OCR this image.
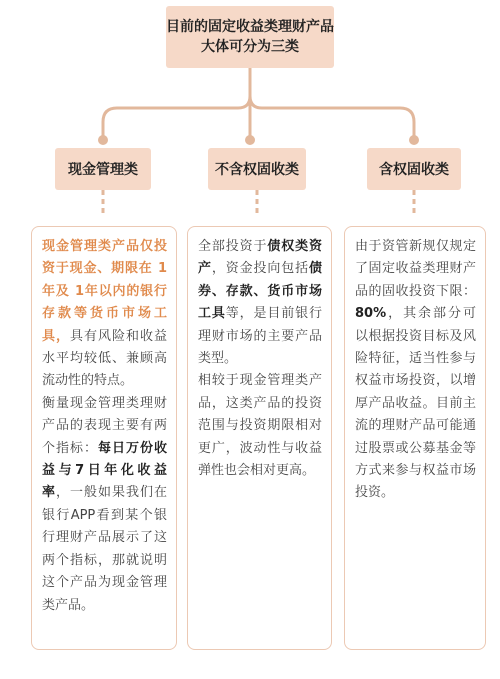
目前的固定收益类理财产品
大体可分为三类
现金管理类	不含权固收类	含权固收类

现金管理类产品仅投资于现金、期限在 1年及 1年以内的银行存款等货币市场工具，具有风险和收益水平均较低、兼顾高流动性的特点。

衡量现金管理类理财产品的表现主要有两个指标：每日万份收益与7日年化收益率，一般如果我们在银行APP看到某个银行理财产品展示了这两个指标，那就说明这个产品为现金管理类产品。

全部投资于债权类资产，资金投向包括债券、存款、货币市场工具等，是目前银行理财市场的主要产品类型。

相较于现金管理类产品，这类产品的投资范围与投资期限相对更广，波动性与收益弹性也会相对更高。

由于资管新规仅规定了固定收益类理财产品的固收投资下限：80%，其余部分可以根据投资目标及风险特征，适当性参与权益市场投资，以增厚产品收益。目前主流的理财产品可能通过股票或公募基金等方式来参与权益市场投资。
